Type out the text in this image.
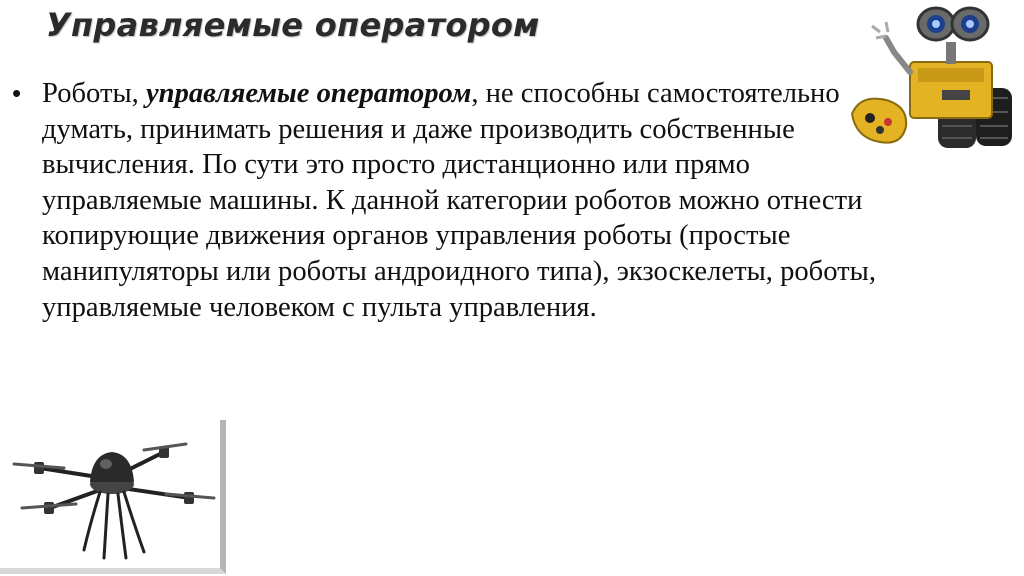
Управляемые оператором
• Роботы, управляемые оператором, не способны самостоятельно думать, принимать решения и даже производить собственные вычисления. По сути это просто дистанционно или прямо управляемые машины. К данной категории роботов можно отнести копирующие движения органов управления роботы (простые манипуляторы или роботы андроидного типа), экзоскелеты, роботы, управляемые человеком с пульта управления.
